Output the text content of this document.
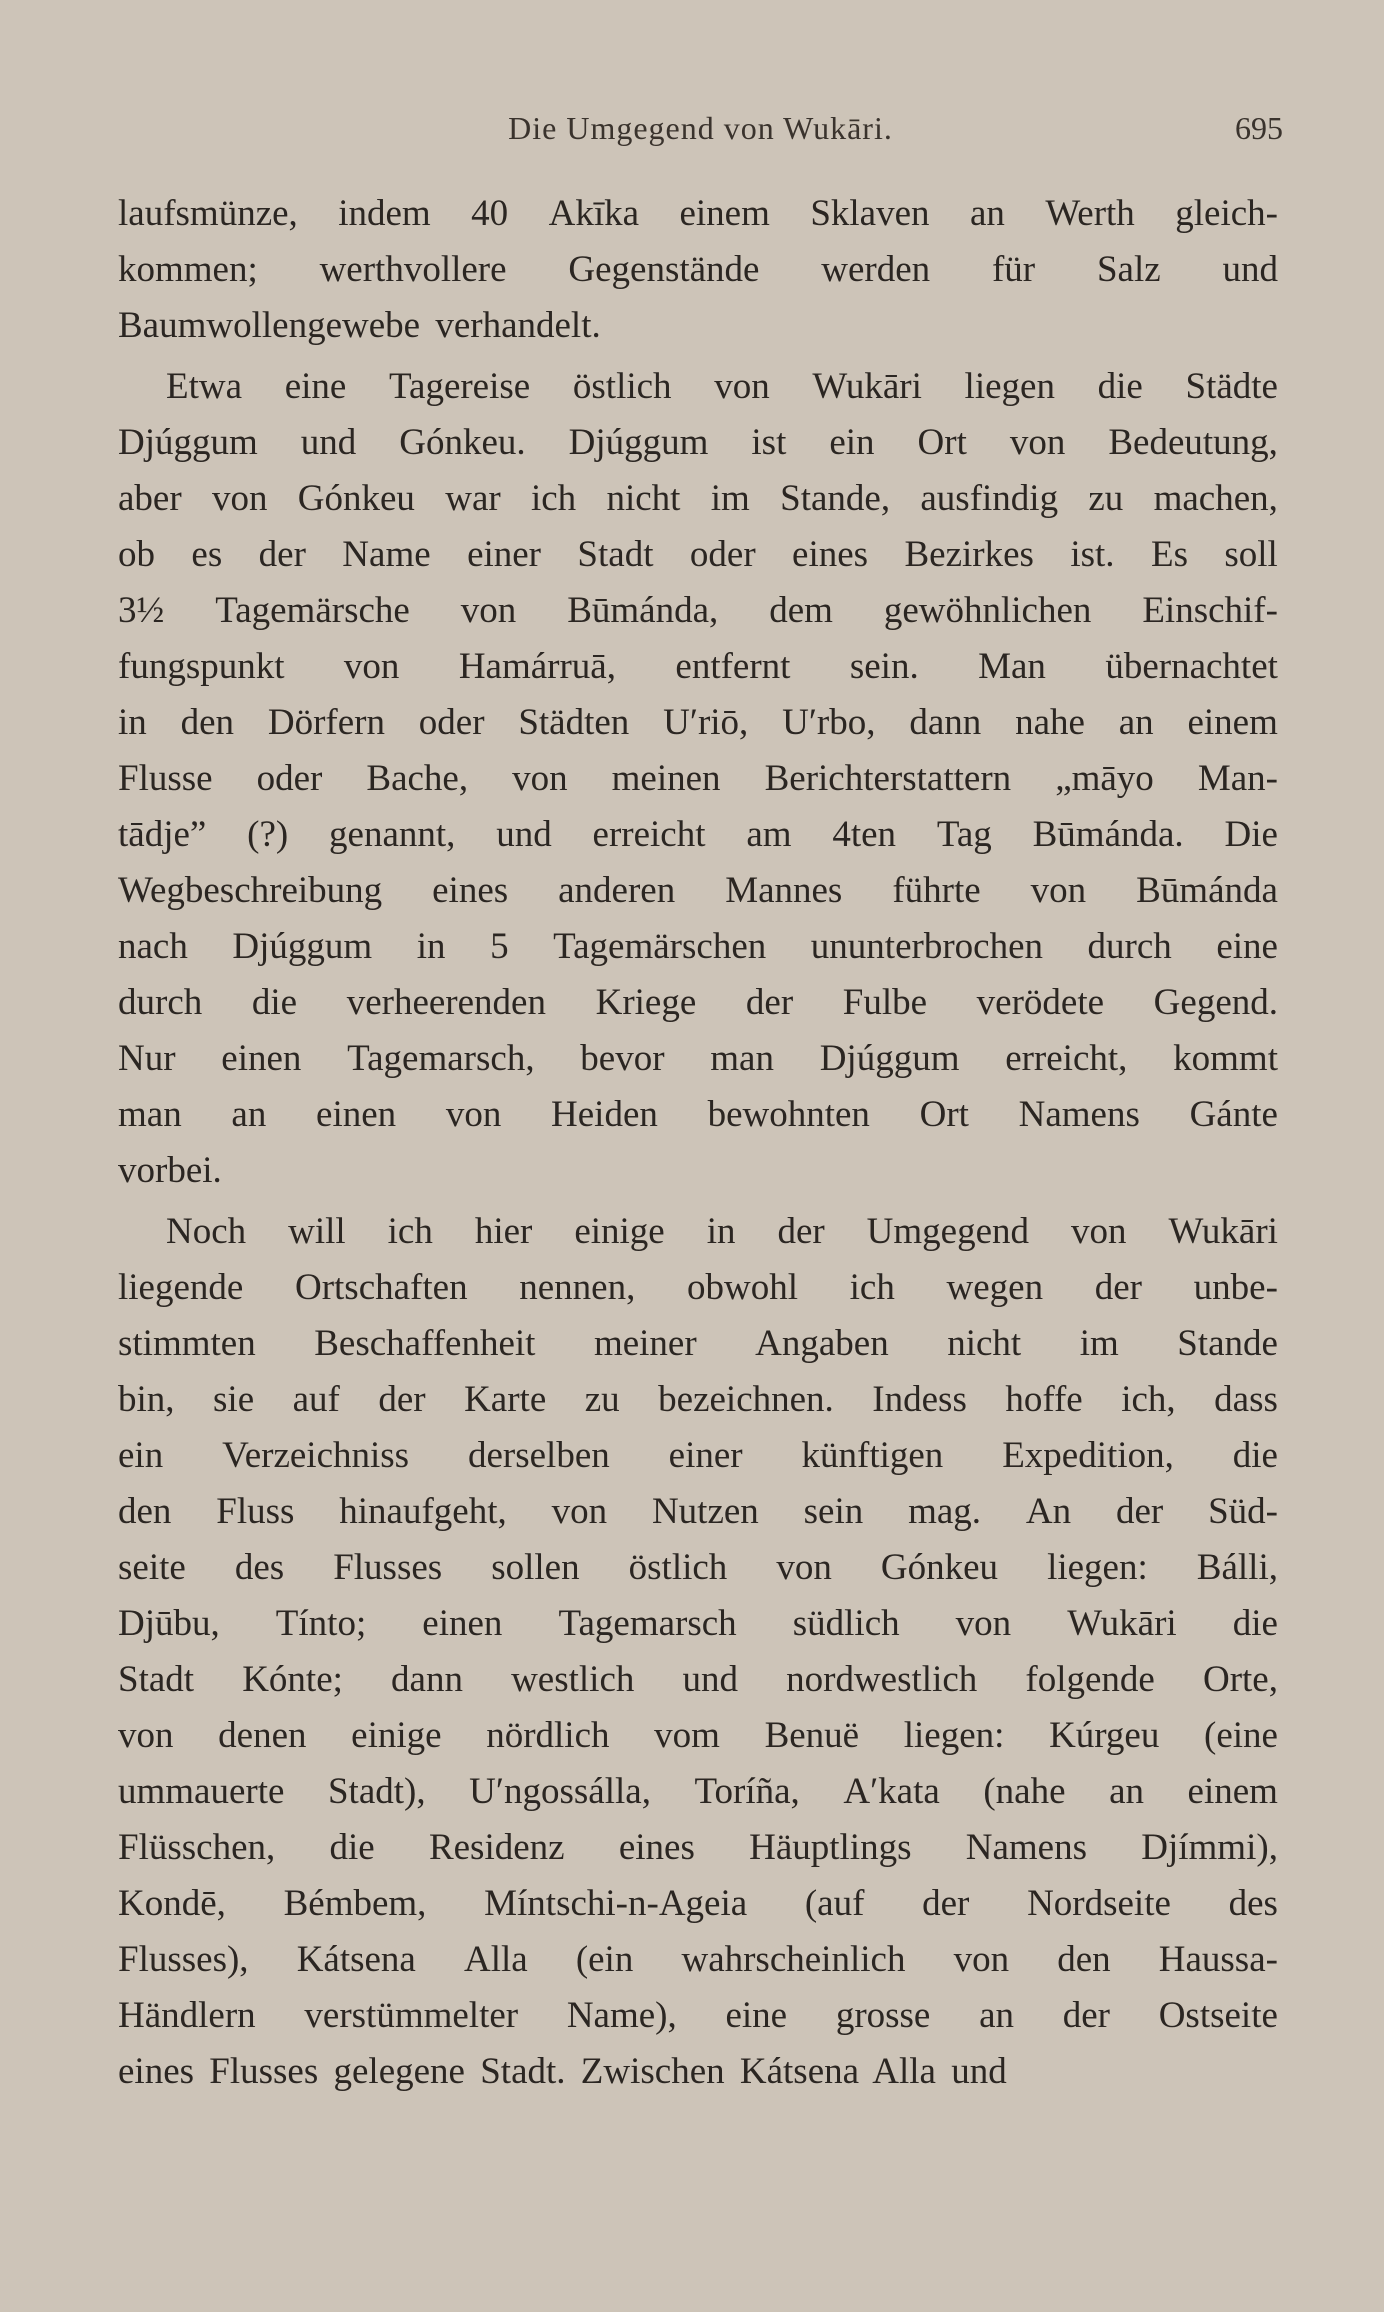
Die Umgegend von Wukāri.	695
laufsmünze, indem 40 Akīka einem Sklaven an Werth gleich-
kommen; werthvollere Gegenstände werden für Salz und
Baumwollengewebe verhandelt.
Etwa eine Tagereise östlich von Wukāri liegen die Städte
Djúggum und Gónkeu. Djúggum ist ein Ort von Bedeutung,
aber von Gónkeu war ich nicht im Stande, ausfindig zu machen,
ob es der Name einer Stadt oder eines Bezirkes ist. Es soll
3½ Tagemärsche von Būmánda, dem gewöhnlichen Einschif-
fungspunkt von Hamárruā, entfernt sein. Man übernachtet
in den Dörfern oder Städten U′riō, U′rbo, dann nahe an einem
Flusse oder Bache, von meinen Berichterstattern „māyo Man-
tādje” (?) genannt, und erreicht am 4ten Tag Būmánda. Die
Wegbeschreibung eines anderen Mannes führte von Būmánda
nach Djúggum in 5 Tagemärschen ununterbrochen durch eine
durch die verheerenden Kriege der Fulbe verödete Gegend.
Nur einen Tagemarsch, bevor man Djúggum erreicht, kommt
man an einen von Heiden bewohnten Ort Namens Gánte
vorbei.
Noch will ich hier einige in der Umgegend von Wukāri
liegende Ortschaften nennen, obwohl ich wegen der unbe-
stimmten Beschaffenheit meiner Angaben nicht im Stande
bin, sie auf der Karte zu bezeichnen. Indess hoffe ich, dass
ein Verzeichniss derselben einer künftigen Expedition, die
den Fluss hinaufgeht, von Nutzen sein mag. An der Süd-
seite des Flusses sollen östlich von Gónkeu liegen: Bálli,
Djūbu, Tínto; einen Tagemarsch südlich von Wukāri die
Stadt Kónte; dann westlich und nordwestlich folgende Orte,
von denen einige nördlich vom Benuë liegen: Kúrgeu (eine
ummauerte Stadt), U′ngossálla, Toríña, A′kata (nahe an einem
Flüsschen, die Residenz eines Häuptlings Namens Djímmi),
Kondē, Bémbem, Míntschi-n-Ageia (auf der Nordseite des
Flusses), Kátsena Alla (ein wahrscheinlich von den Haussa-
Händlern verstümmelter Name), eine grosse an der Ostseite
eines Flusses gelegene Stadt. Zwischen Kátsena Alla und
